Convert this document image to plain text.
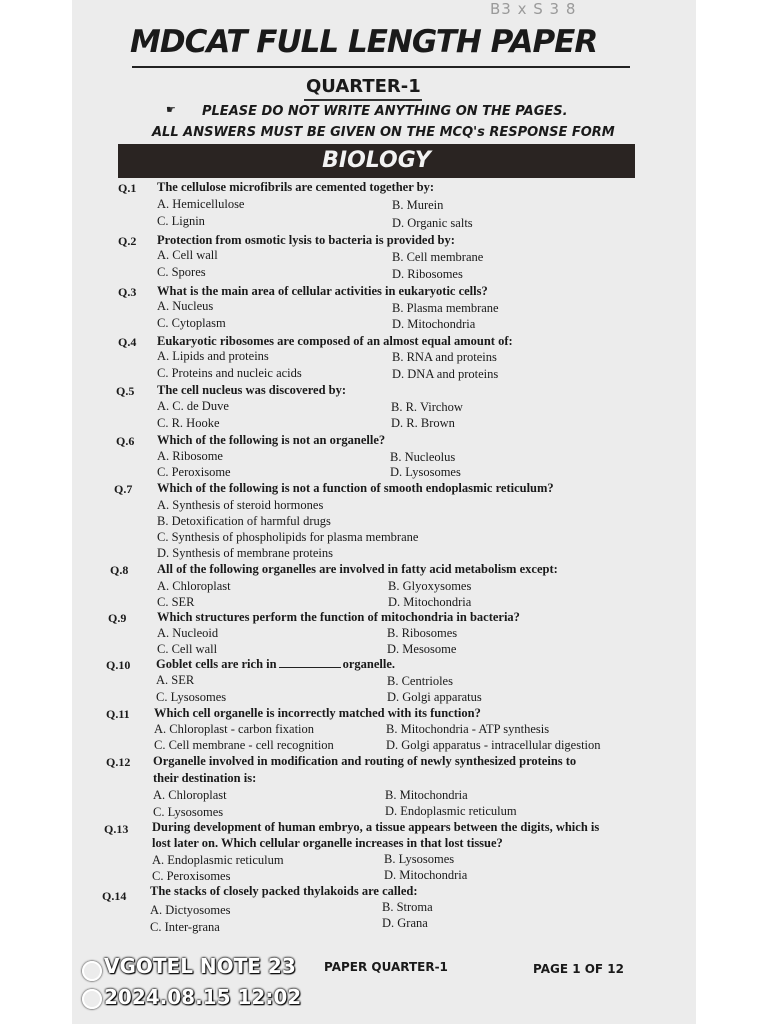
B3 x S 3 8
MDCAT FULL LENGTH PAPER
QUARTER-1
☛ PLEASE DO NOT WRITE ANYTHING ON THE PAGES.
ALL ANSWERS MUST BE GIVEN ON THE MCQ's RESPONSE FORM
BIOLOGY
Q.1 The cellulose microfibrils are cemented together by:
A. Hemicellulose	B. Murein
C. Lignin	D. Organic salts
Q.2 Protection from osmotic lysis to bacteria is provided by:
A. Cell wall	B. Cell membrane
C. Spores	D. Ribosomes
Q.3 What is the main area of cellular activities in eukaryotic cells?
A. Nucleus	B. Plasma membrane
C. Cytoplasm	D. Mitochondria
Q.4 Eukaryotic ribosomes are composed of an almost equal amount of:
A. Lipids and proteins	B. RNA and proteins
C. Proteins and nucleic acids	D. DNA and proteins
Q.5 The cell nucleus was discovered by:
A. C. de Duve	B. R. Virchow
C. R. Hooke	D. R. Brown
Q.6 Which of the following is not an organelle?
A. Ribosome	B. Nucleolus
C. Peroxisome	D. Lysosomes
Q.7 Which of the following is not a function of smooth endoplasmic reticulum?
A. Synthesis of steroid hormones
B. Detoxification of harmful drugs
C. Synthesis of phospholipids for plasma membrane
D. Synthesis of membrane proteins
Q.8 All of the following organelles are involved in fatty acid metabolism except:
A. Chloroplast	B. Glyoxysomes
C. SER	D. Mitochondria
Q.9 Which structures perform the function of mitochondria in bacteria?
A. Nucleoid	B. Ribosomes
C. Cell wall	D. Mesosome
Q.10 Goblet cells are rich in	organelle.
A. SER	B. Centrioles
C. Lysosomes	D. Golgi apparatus
Q.11 Which cell organelle is incorrectly matched with its function?
A. Chloroplast - carbon fixation	B. Mitochondria - ATP synthesis
C. Cell membrane - cell recognition	D. Golgi apparatus - intracellular digestion
Q.12 Organelle involved in modification and routing of newly synthesized proteins to
their destination is:
A. Chloroplast	B. Mitochondria
C. Lysosomes	D. Endoplasmic reticulum
Q.13 During development of human embryo, a tissue appears between the digits, which is
lost later on. Which cellular organelle increases in that lost tissue?
A. Endoplasmic reticulum	B. Lysosomes
C. Peroxisomes	D. Mitochondria
Q.14 The stacks of closely packed thylakoids are called:
A. Dictyosomes	B. Stroma
C. Inter-grana	D. Grana
PAPER QUARTER-1	PAGE 1 OF 12
VGOTEL NOTE 23
2024.08.15 12:02
